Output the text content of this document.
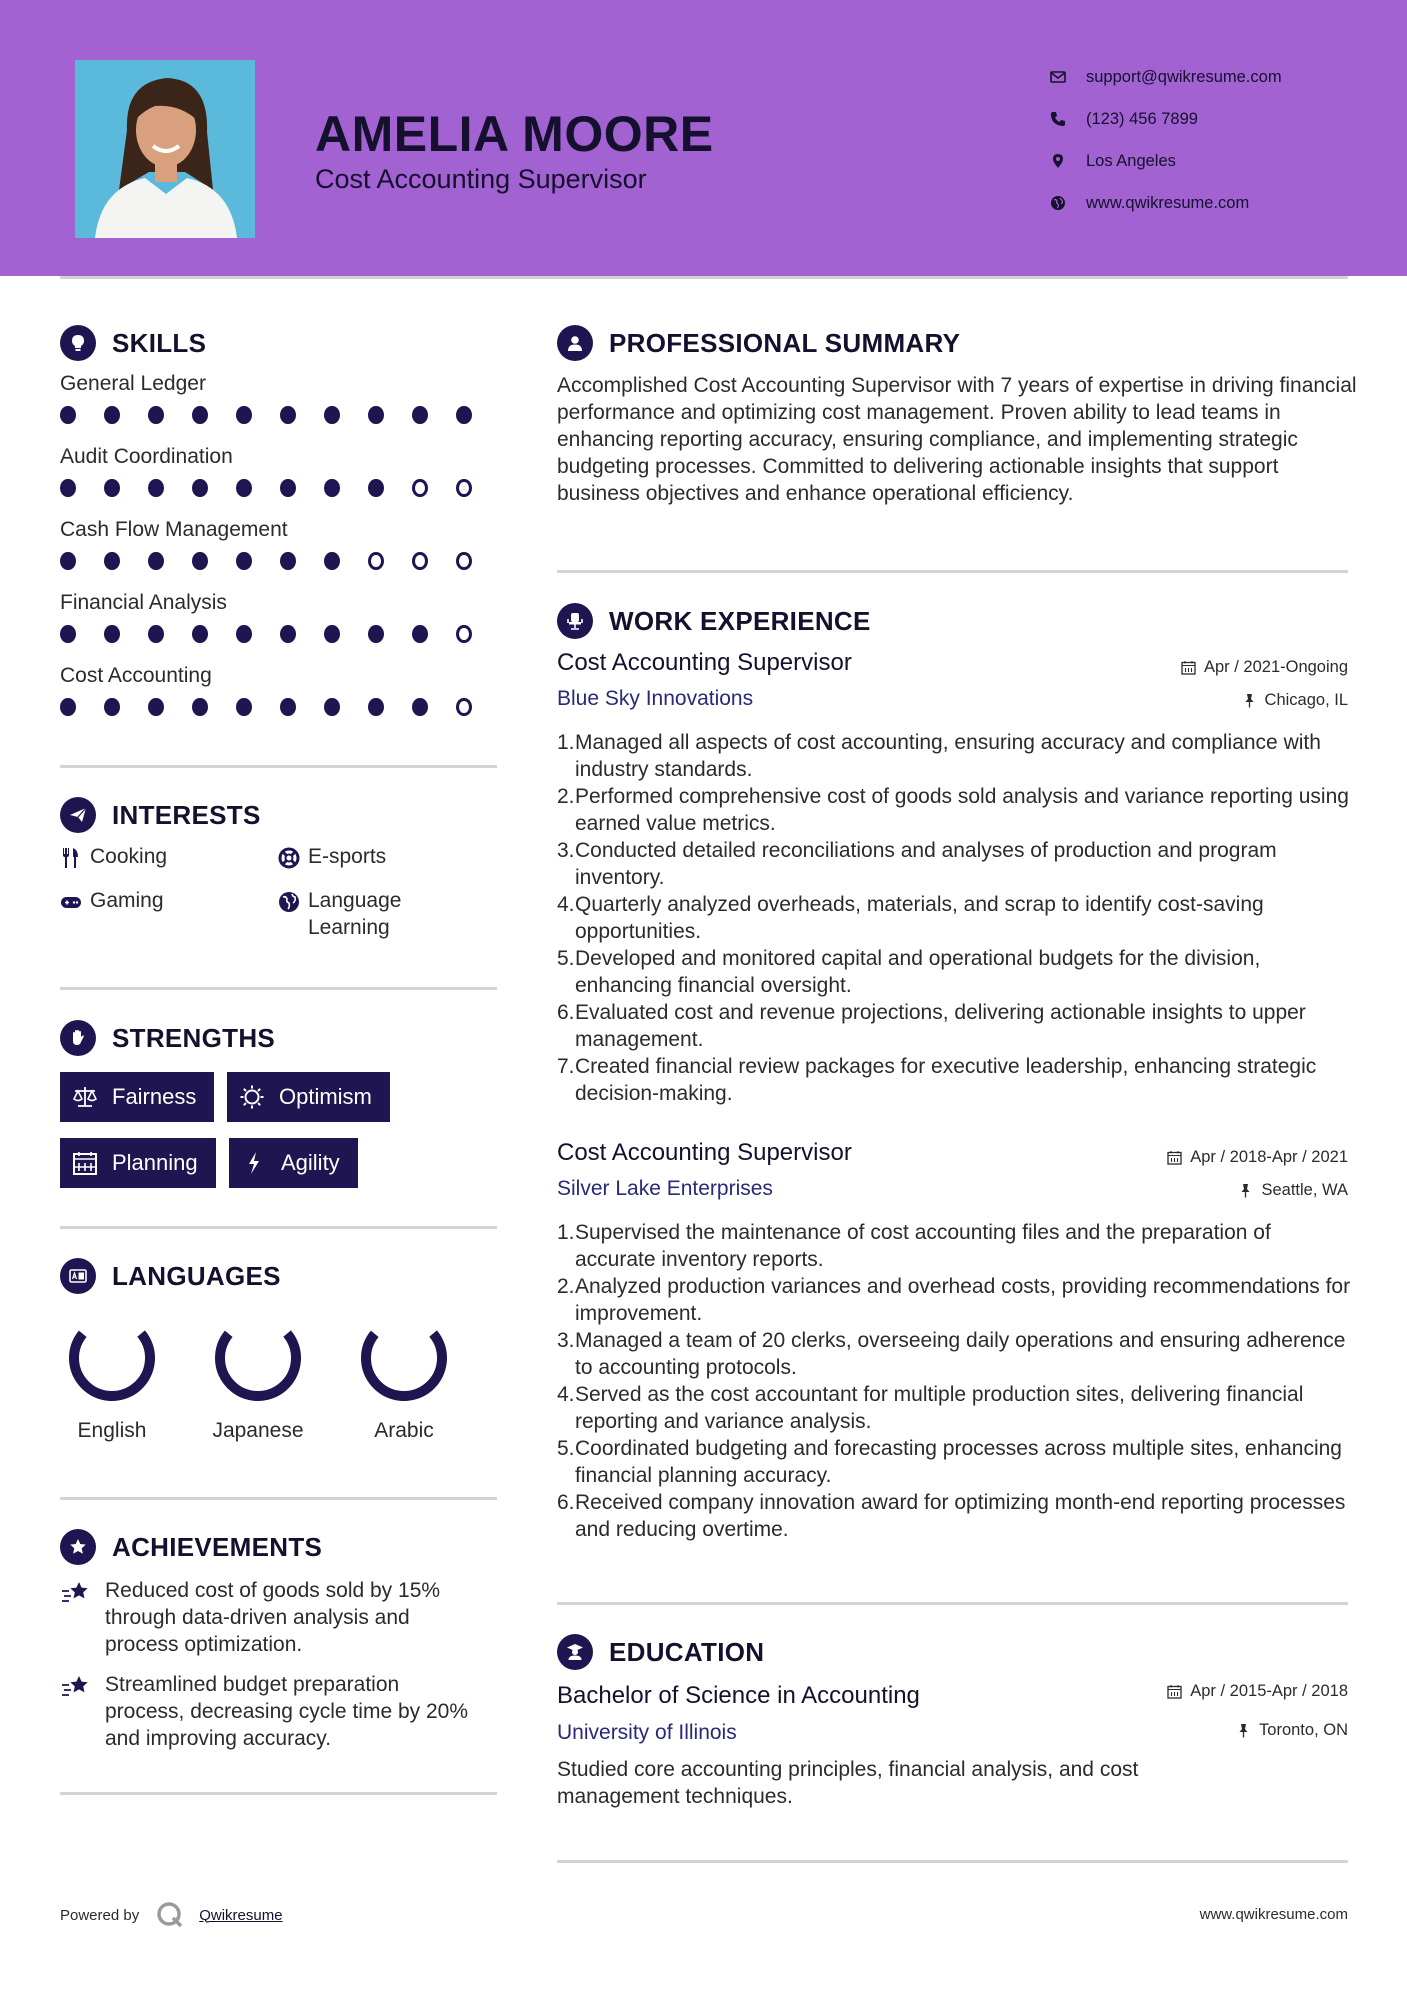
AMELIA MOORE
Cost Accounting Supervisor
support@qwikresume.com
(123) 456 7899
Los Angeles
www.qwikresume.com
SKILLS
General Ledger
Audit Coordination
Cash Flow Management
Financial Analysis
Cost Accounting
INTERESTS
Cooking	E-sports
Gaming	Language Learning
STRENGTHS
Fairness	Optimism
Planning	Agility
LANGUAGES
English	Japanese	Arabic
ACHIEVEMENTS
Reduced cost of goods sold by 15% through data-driven analysis and process optimization.
Streamlined budget preparation process, decreasing cycle time by 20% and improving accuracy.
PROFESSIONAL SUMMARY
Accomplished Cost Accounting Supervisor with 7 years of expertise in driving financial performance and optimizing cost management. Proven ability to lead teams in enhancing reporting accuracy, ensuring compliance, and implementing strategic budgeting processes. Committed to delivering actionable insights that support business objectives and enhance operational efficiency.
WORK EXPERIENCE
Cost Accounting Supervisor	Apr / 2021-Ongoing
Blue Sky Innovations	Chicago, IL
1. Managed all aspects of cost accounting, ensuring accuracy and compliance with industry standards.
2. Performed comprehensive cost of goods sold analysis and variance reporting using earned value metrics.
3. Conducted detailed reconciliations and analyses of production and program inventory.
4. Quarterly analyzed overheads, materials, and scrap to identify cost-saving opportunities.
5. Developed and monitored capital and operational budgets for the division, enhancing financial oversight.
6. Evaluated cost and revenue projections, delivering actionable insights to upper management.
7. Created financial review packages for executive leadership, enhancing strategic decision-making.
Cost Accounting Supervisor	Apr / 2018-Apr / 2021
Silver Lake Enterprises	Seattle, WA
1. Supervised the maintenance of cost accounting files and the preparation of accurate inventory reports.
2. Analyzed production variances and overhead costs, providing recommendations for improvement.
3. Managed a team of 20 clerks, overseeing daily operations and ensuring adherence to accounting protocols.
4. Served as the cost accountant for multiple production sites, delivering financial reporting and variance analysis.
5. Coordinated budgeting and forecasting processes across multiple sites, enhancing financial planning accuracy.
6. Received company innovation award for optimizing month-end reporting processes and reducing overtime.
EDUCATION
Bachelor of Science in Accounting	Apr / 2015-Apr / 2018
University of Illinois	Toronto, ON
Studied core accounting principles, financial analysis, and cost management techniques.
Powered by	Qwikresume	www.qwikresume.com
